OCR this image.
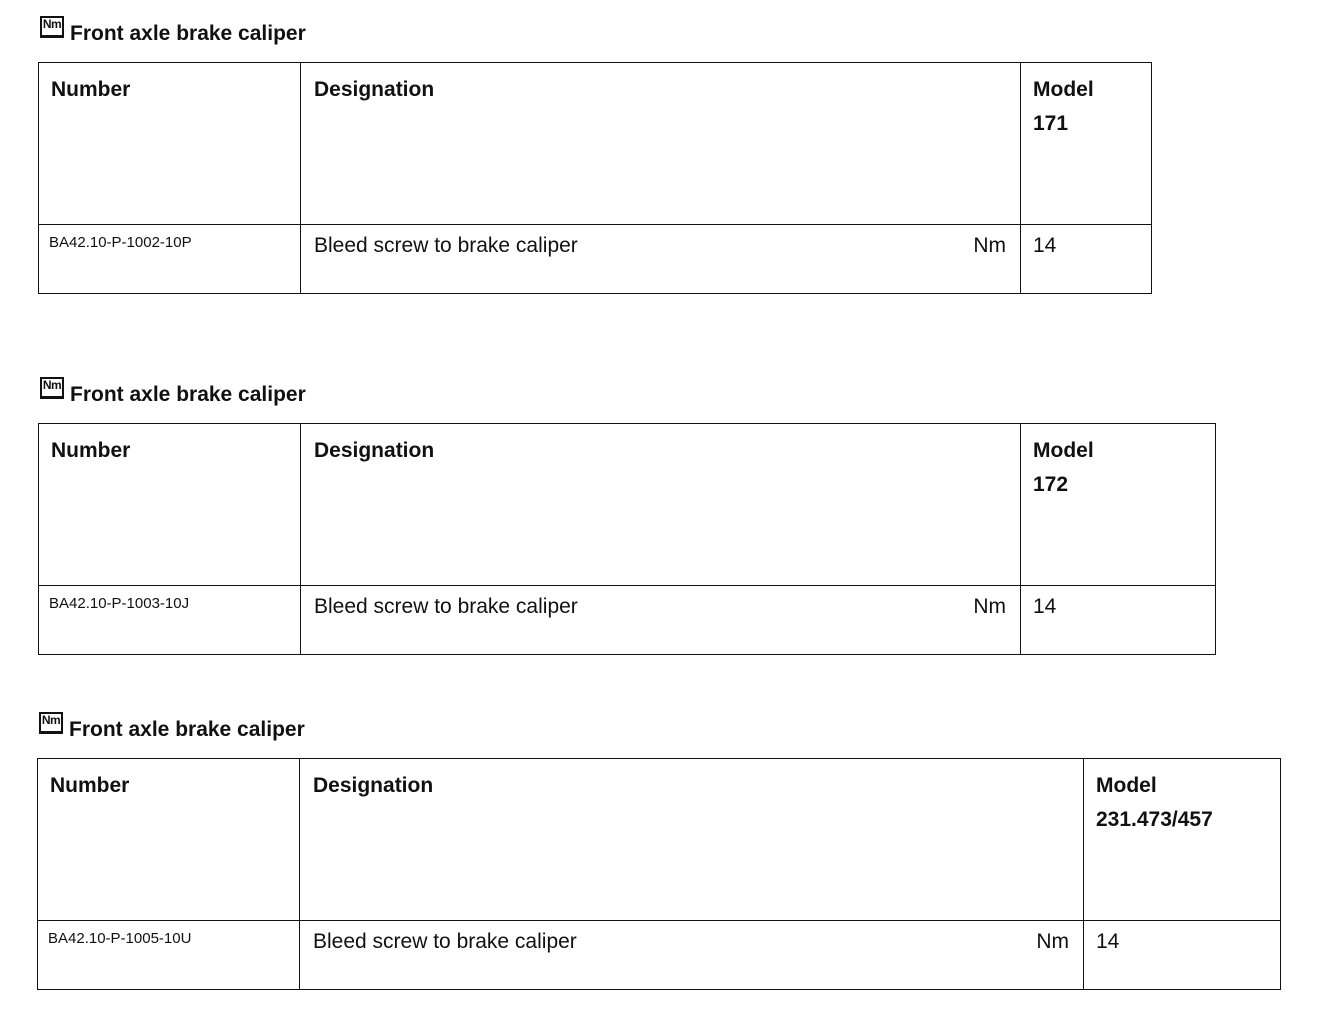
Nm Front axle brake caliper
Number	Designation	Model
171

BA42.10-P-1002-10P	Bleed screw to brake caliper Nm	14
Nm Front axle brake caliper
Number	Designation	Model
172

BA42.10-P-1003-10J	Bleed screw to brake caliper Nm	14
Nm Front axle brake caliper
Number	Designation	Model
231.473/457

BA42.10-P-1005-10U	Bleed screw to brake caliper Nm	14
